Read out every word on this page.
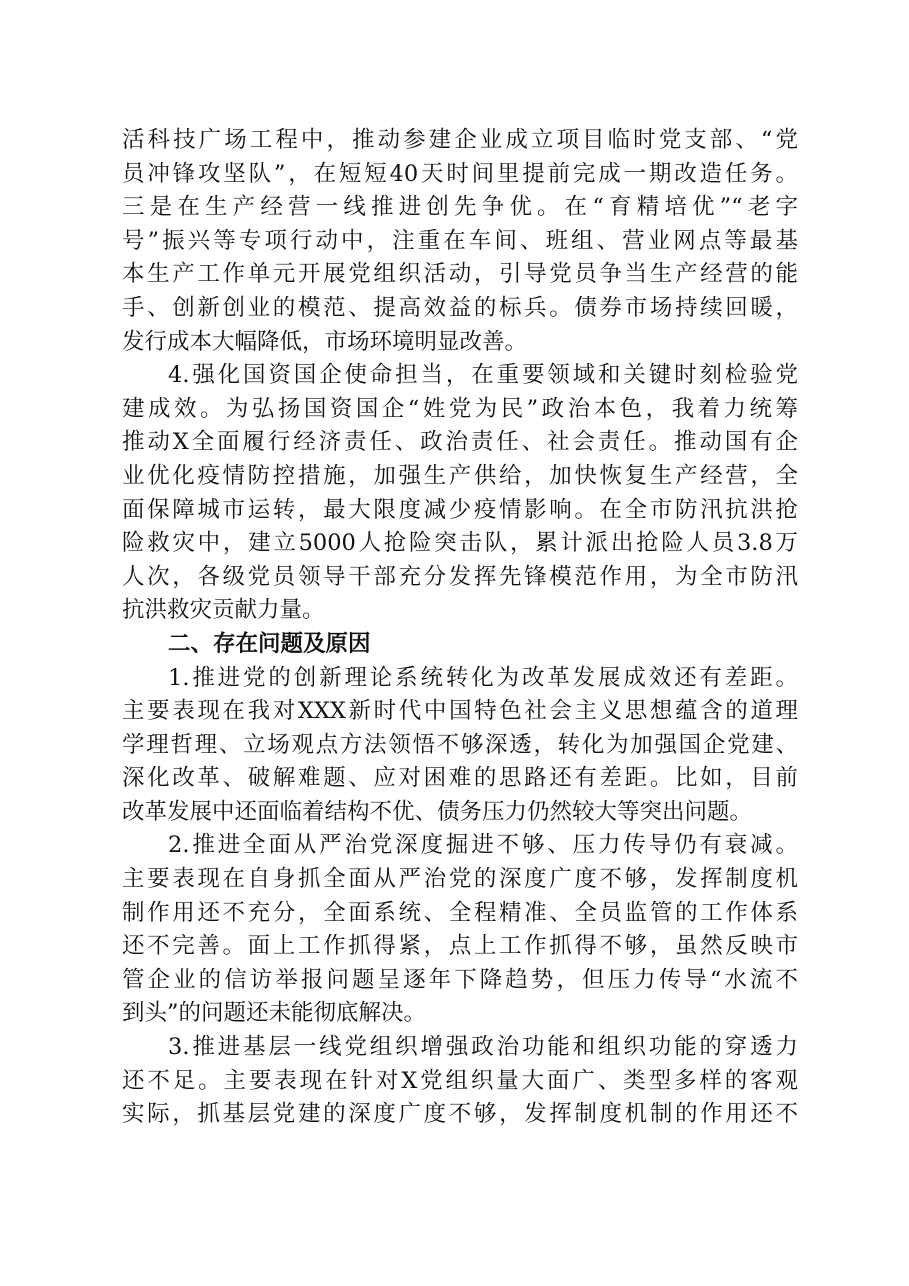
活科技广场工程中，推动参建企业成立项目临时党支部、“党
员冲锋攻坚队”，在短短40天时间里提前完成一期改造任务。
三是在生产经营一线推进创先争优。在“育精培优”“老字
号”振兴等专项行动中，注重在车间、班组、营业网点等最基
本生产工作单元开展党组织活动，引导党员争当生产经营的能
手、创新创业的模范、提高效益的标兵。债券市场持续回暖，
发行成本大幅降低，市场环境明显改善。
4.强化国资国企使命担当，在重要领域和关键时刻检验党
建成效。为弘扬国资国企“姓党为民”政治本色，我着力统筹
推动X全面履行经济责任、政治责任、社会责任。推动国有企
业优化疫情防控措施，加强生产供给，加快恢复生产经营，全
面保障城市运转，最大限度减少疫情影响。在全市防汛抗洪抢
险救灾中，建立5000人抢险突击队，累计派出抢险人员3.8万
人次，各级党员领导干部充分发挥先锋模范作用，为全市防汛
抗洪救灾贡献力量。
二、存在问题及原因
1.推进党的创新理论系统转化为改革发展成效还有差距。
主要表现在我对XXX新时代中国特色社会主义思想蕴含的道理
学理哲理、立场观点方法领悟不够深透，转化为加强国企党建、
深化改革、破解难题、应对困难的思路还有差距。比如，目前
改革发展中还面临着结构不优、债务压力仍然较大等突出问题。
2.推进全面从严治党深度掘进不够、压力传导仍有衰减。
主要表现在自身抓全面从严治党的深度广度不够，发挥制度机
制作用还不充分，全面系统、全程精准、全员监管的工作体系
还不完善。面上工作抓得紧，点上工作抓得不够，虽然反映市
管企业的信访举报问题呈逐年下降趋势，但压力传导“水流不
到头”的问题还未能彻底解决。
3.推进基层一线党组织增强政治功能和组织功能的穿透力
还不足。主要表现在针对X党组织量大面广、类型多样的客观
实际，抓基层党建的深度广度不够，发挥制度机制的作用还不
